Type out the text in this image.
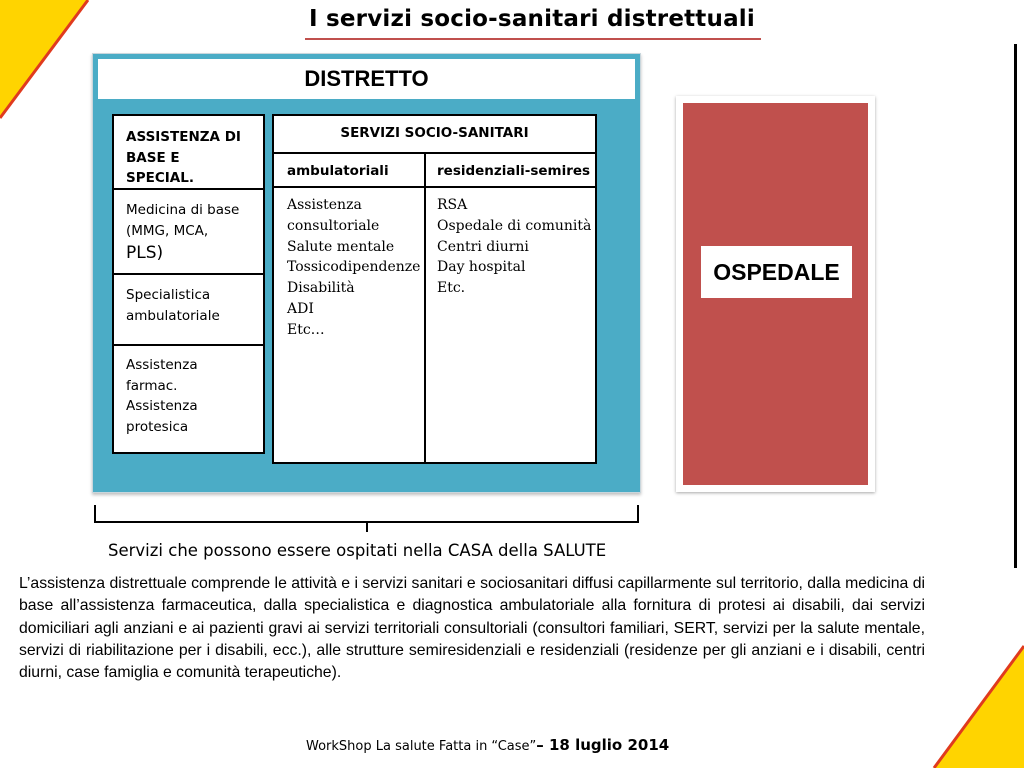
I servizi socio-sanitari distrettuali
DISTRETTO
ASSISTENZA DI
BASE E SPECIAL.
Medicina di base
(MMG, MCA,
PLS)
Specialistica
ambulatoriale
Assistenza farmac.
Assistenza
protesica
SERVIZI SOCIO-SANITARI
ambulatoriali	residenziali-semires
Assistenza
consultoriale
Salute mentale
Tossicodipendenze
Disabilità
ADI
Etc…
RSA
Ospedale di comunità
Centri diurni
Day hospital
Etc.
OSPEDALE
Servizi che possono essere ospitati nella CASA della SALUTE
L’assistenza distrettuale comprende le attività e i servizi sanitari e sociosanitari diffusi capillarmente sul territorio, dalla medicina di base all’assistenza farmaceutica, dalla specialistica e diagnostica ambulatoriale alla fornitura di protesi ai disabili, dai servizi domiciliari agli anziani e ai pazienti gravi ai servizi territoriali consultoriali (consultori familiari, SERT, servizi per la salute mentale, servizi di riabilitazione per i disabili, ecc.), alle strutture semiresidenziali e residenziali (residenze per gli anziani e i disabili, centri diurni, case famiglia e comunità terapeutiche).
WorkShop La salute Fatta in “Case”– 18 luglio 2014
